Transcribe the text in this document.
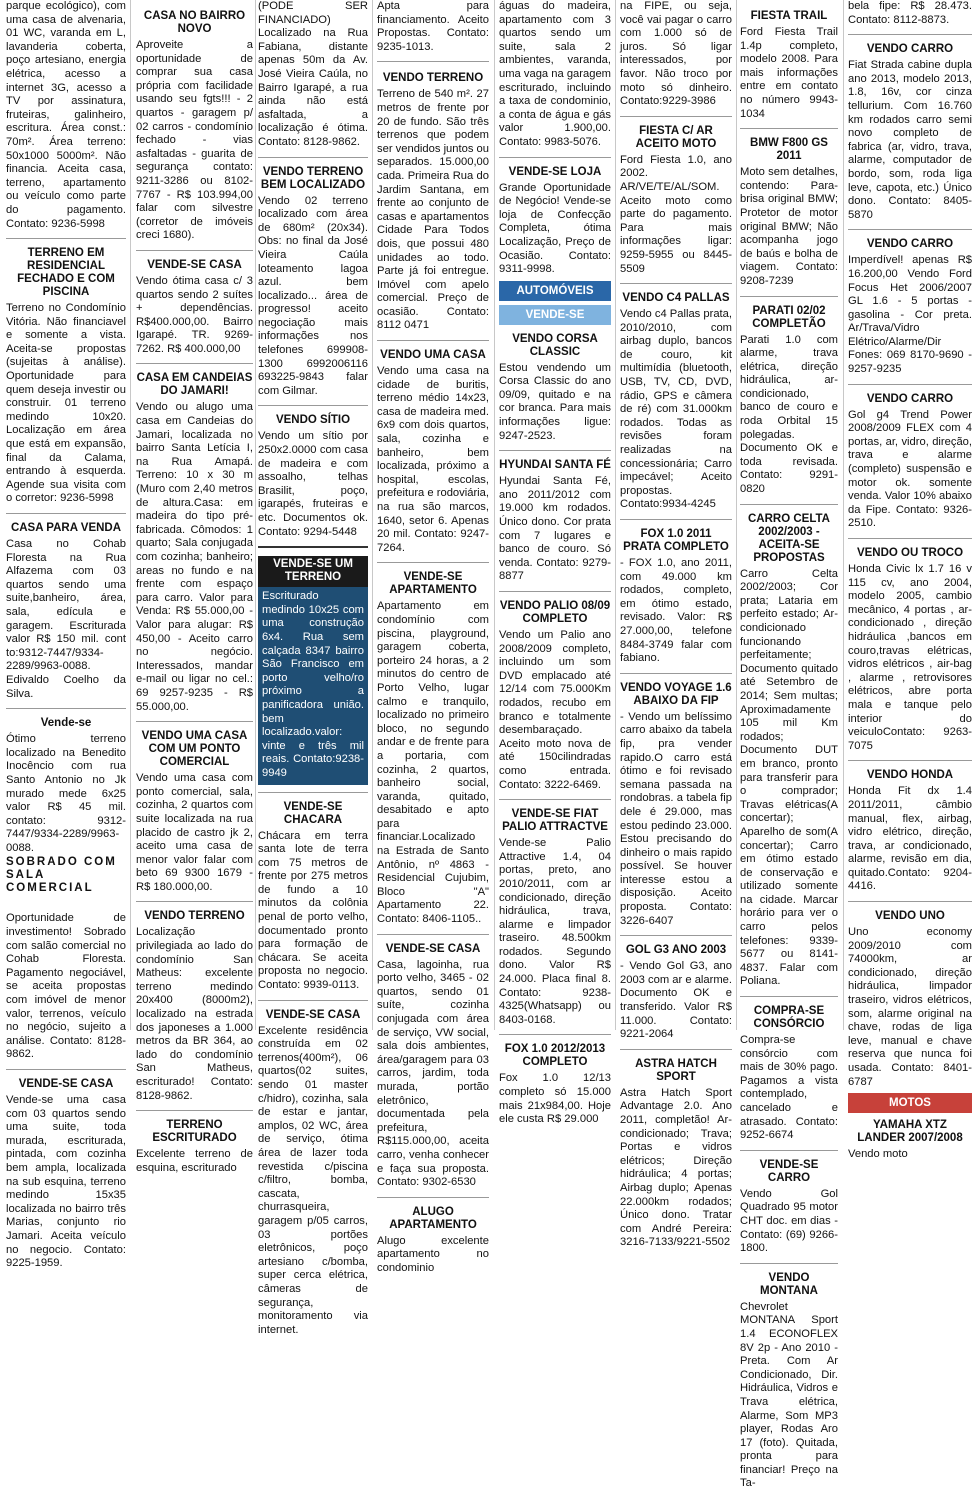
parque ecológico), com uma casa de alvenaria, 01 WC, varanda em L, lavanderia coberta, poço artesiano, energia elétrica, acesso a internet 3G, acesso a TV por assinatura, fruteiras, galinheiro, escritura. Área const.: 70m². Área terreno: 50x1000 5000m². Não financia. Aceita casa, terreno, apartamento ou veículo como parte do pagamento. Contato: 9236-5998

TERRENO EM RESIDENCIAL FECHADO E COM PISCINA

Terreno no Condomínio Vitória. Não financiavel e somente a vista. Aceita-se propostas (sujeitas à análise). Oportunidade para quem deseja investir ou construir. 01 terreno medindo 10x20. Localização em área que está em expansão, final da Calama, entrando à esquerda. Agende sua visita com o corretor: 9236-5998

CASA PARA VENDA

Casa no Cohab Floresta na Rua Alfazema com 03 quartos sendo uma suite,banheiro, área, sala, edícula e garagem. Escriturada valor R$ 150 mil. cont to:9312-7447/9334-2289/9963-0088. Edivaldo Coelho da Silva.

Vende-se

Ótimo terreno localizado na Benedito Inocêncio com rua Santo Antonio no Jk murado mede 6x25 valor R$ 45 mil. contato: 9312-7447/9334-2289/9963-0088.

SOBRADO COM SALA COMERCIAL

Oportunidade de investimento! Sobrado com salão comercial no Cohab Floresta. Pagamento negociável, se aceita propostas com imóvel de menor valor, terrenos, veículo no negócio, sujeito a análise. Contato: 8128-9862.

VENDE-SE CASA

Vende-se uma casa com 03 quartos sendo uma suite, toda murada, escriturada, pintada, com cozinha bem ampla, localizada na sub esquina, terreno medindo 15x35 localizada no bairro três Marias, conjunto rio Jamari. Aceita veículo no negocio. Contato: 9225-1959.

CASA NO BAIRRO NOVO

Aproveite a oportunidade de comprar sua casa própria com facilidade usando seu fgts!!! - 2 quartos - garagem p/ 02 carros - condomínio fechado - vias asfaltadas - guarita de segurança contato: 9211-3286 ou 8102-7767 - R$ 103.994,00 falar com silvestre (corretor de imóveis creci 1680).

VENDE-SE CASA

Vendo ótima casa c/ 3 quartos sendo 2 suítes + dependências. R$400.000,00. Bairro Igarapé. TR. 9269-7262. R$ 400.000,00

CASA EM CANDEIAS DO JAMARI!

Vendo ou alugo uma casa em Candeias do Jamari, localizada no bairro Santa Letícia I, na Rua Amapá. Terreno: 10 x 30 m (Muro com 2,40 metros de altura.Casa: em madeira do tipo pré-fabricada. Cômodos: 1 quarto; Sala conjugada com cozinha; banheiro; areas no fundo e na frente com espaço para carro. Valor para Venda: R$ 55.000,00 - Valor para alugar: R$ 450,00 - Aceito carro no negócio. Interessados, mandar e-mail ou ligar no cel.: 69 9257-9235 - R$ 55.000,00.

VENDO UMA CASA COM UM PONTO COMERCIAL

Vendo uma casa com ponto comercial, sala, cozinha, 2 quartos com suite localizada na rua placido de castro jk 2, aceito uma casa de menor valor falar com beto 69 9300 1679 - R$ 180.000,00.

VENDO TERRENO

Localização privilegiada ao lado do condomínio San Matheus: excelente terreno medindo 20x400 (8000m2), localizado na estrada dos japoneses a 1.000 metros da BR 364, ao lado do condomínio San Matheus, escriturado! Contato: 8128-9862.

TERRENO ESCRITURADO

Excelente terreno de esquina, escriturado

(PODE SER FINANCIADO) Localizado na Rua Fabiana, distante apenas 50m da Av. José Vieira Caúla, no Bairro Igarapé, a rua ainda não está asfaltada, a localização é ótima. Contato: 8128-9862.

VENDO TERRENO BEM LOCALIZADO

Vendo 02 terreno localizado com área de 680m² (20x34). Obs: no final da José Vieira Caúla loteamento lagoa azul. bem localizado... área de progresso! aceito negociação mais informações nos telefones 699908-1300 6992006116 693225-9843 falar com Gilmar.

VENDO SÍTIO

Vendo um sítio por 250x2.0000 com casa de madeira e com assoalho, telhas Brasilit, poço, igarapés, fruteiras e etc. Documentos ok. Contato: 9294-5448

VENDE-SE UM TERRENO

Escriturado medindo 10x25 com uma construção 6x4. Rua sem calçada 8347 bairro São Francisco em porto velho/ro próximo a panificadora união. bem localizado.valor: vinte e três mil reais. Contato:9238-9949

VENDE-SE CHACARA

Chácara em terra santa lote de terra com 75 metros de frente por 275 metros de fundo a 10 minutos da colônia penal de porto velho, documentado pronto para formação de chácara. Se aceita proposta no negocio. Contato: 9939-0113.

VENDE-SE CASA

Excelente residência construída em 02 terrenos(400m²), 06 quartos(02 suites, sendo 01 master c/hidro), cozinha, sala de estar e jantar, amplos, 02 WC, área de serviço, ótima área de lazer toda revestida c/piscina c/filtro, bomba, cascata, churrasqueira, garagem p/05 carros, 03 portões eletrônicos, poço artesiano c/bomba, super cerca elétrica, câmeras de segurança, monitoramento via internet.

Apta para financiamento. Aceito Propostas. Contato: 9235-1013.

VENDO TERRENO

Terreno de 540 m². 27 metros de frente por 20 de fundo. São três terrenos que podem ser vendidos juntos ou separados. 15.000,00 cada. Primeira Rua do Jardim Santana, em frente ao conjunto de casas e apartamentos Cidade Para Todos dois, que possui 480 unidades ao todo. Parte já foi entregue. Imóvel com apelo comercial. Preço de ocasião. Contato: 8112 0471

VENDO UMA CASA

Vendo uma casa na cidade de buritis, terreno médio 14x23, casa de madeira med. 6x9 com dois quartos, sala, cozinha e banheiro, bem localizada, próximo a hospital, escolas, prefeitura e rodoviária, na rua são marcos, 1640, setor 6. Apenas 20 mil. Contato: 9247-7264.

VENDE-SE APARTAMENTO

Apartamento em condomínio com piscina, playground, garagem coberta, porteiro 24 horas, a 2 minutos do centro de Porto Velho, lugar calmo e tranquilo, localizado no primeiro bloco, no segundo andar e de frente para a portaria, com cozinha, 2 quartos, banheiro social, varanda, quitado, desabitado e apto para financiar.Localizado na Estrada de Santo Antônio, nº 4863 - Residencial Cujubim, Bloco "A" Apartamento 22. Contato: 8406-1105..

VENDE-SE CASA

Casa, lagoinha, rua porto velho, 3465 - 02 quartos, sendo 01 suíte, cozinha conjugada com área de serviço, VW social, sala dois ambientes, área/garagem para 03 carros, jardim, toda murada, portão eletrônico, documentada pela prefeitura, R$115.000,00, aceita carro, venha conhecer e faça sua proposta. Contato: 9302-6530

ALUGO APARTAMENTO

Alugo excelente apartamento no condominio

águas do madeira, apartamento com 3 quartos sendo um suite, sala 2 ambientes, varanda, uma vaga na garagem escriturado, incluindo a taxa de condominio, a conta de água e gás valor 1.900,00. Contato: 9983-5076.

VENDE-SE LOJA

Grande Oportunidade de Negócio! Vende-se loja de Confecção Completa, ótima Localização, Preço de Ocasião. Contato: 9311-9998.

AUTOMÓVEIS
VENDE-SE
VENDO CORSA CLASSIC

Estou vendendo um Corsa Classic do ano 09/09, quitado e na cor branca. Para mais informações ligue: 9247-2523.

HYUNDAI SANTA FÉ

Hyundai Santa Fé, ano 2011/2012 com 19.000 km rodados. Único dono. Cor prata com 7 lugares e banco de couro. Só venda. Contato: 9279-8877

VENDO PALIO 08/09 COMPLETO

Vendo um Palio ano 2008/2009 completo, incluindo um som DVD emplacado até 12/14 com 75.000Km rodados, recubo em branco e totalmente desembaraçado. Aceito moto nova de até 150cilindradas como entrada. Contato: 3222-6469.

VENDE-SE FIAT PALIO ATTRACTVE

Vende-se Palio Attractive 1.4, 04 portas, preto, ano 2010/2011, com ar condicionado, direção hidráulica, trava, alarme e limpador traseiro. 48.500km rodados. Segundo dono. Valor R$ 24.000. Placa final 8. Contato: 9238-4325(Whatsapp) ou 8403-0168.

FOX 1.0 2012/2013 COMPLETO

Fox 1.0 12/13 completo só 15.000 mais 21x984,00. Hoje ele custa R$ 29.000

na FIPE, ou seja, você vai pagar o carro com 1.000 só de juros. Só ligar interessados, por favor. Não troco por moto só dinheiro. Contato:9229-3986

FIESTA C/ AR ACEITO MOTO

Ford Fiesta 1.0, ano 2002. AR/VE/TE/AL/SOM. Aceito moto como parte do pagamento. Para mais informações ligar: 9259-5955 ou 8445-5509

VENDO C4 PALLAS

Vendo c4 Pallas prata, 2010/2010, com airbag duplo, bancos de couro, kit multimídia (bluetooth, USB, TV, CD, DVD, rádio, GPS e câmera de ré) com 31.000km rodados. Todas as revisões foram realizadas na concessionária; Carro impecável; Aceito propostas. Contato:9934-4245

FOX 1.0 2011 PRATA COMPLETO

- FOX 1.0, ano 2011, com 49.000 km rodados, completo, em ótimo estado, revisado. Valor: R$ 27.000,00, telefone 8484-3749 falar com fabiano.

VENDO VOYAGE 1.6 ABAIXO DA FIP

- Vendo um belíssimo carro abaixo da tabela fip, pra vender rapido.O carro está ótimo e foi revisado semana passada na rondobras. a tabela fip dele é 29.000, mas estou pedindo 23.000. Estou precisando do dinheiro o mais rapido possível. Se houver interesse estou a disposição. Aceito proposta. Contato: 3226-6407

GOL G3 ANO 2003

- Vendo Gol G3, ano 2003 com ar e alarme. Documento OK e transferido. Valor R$ 11.000. Contato: 9221-2064

ASTRA HATCH SPORT

Astra Hatch Sport Advantage 2.0. Ano 2011, completão! Ar-condicionado; Trava; Portas e vidros elétricos; Direção hidráulica; 4 portas; Airbag duplo; Apenas 22.000km rodados; Único dono. Tratar com André Pereira: 3216-7133/9221-5502

FIESTA TRAIL

Ford Fiesta Trail 1.4p completo, modelo 2008. Para mais informações entre em contato no número 9943-1034

BMW F800 GS 2011

Moto sem detalhes, contendo: Para-brisa original BMW; Protetor de motor original BMW; Não acompanha jogo de baús e bolha de viagem. Contato: 9208-7239

PARATI 02/02 COMPLETÃO

Parati 1.0 com alarme, trava elétrica, direção hidráulica, ar-condicionado, banco de couro e roda Orbital 15 polegadas. Documento OK e toda revisada. Contato: 9291-0820

CARRO CELTA 2002/2003 - ACEITA-SE PROPOSTAS

Carro Celta 2002/2003; Cor prata; Lataria em perfeito estado; Ar-condicionado funcionando perfeitamente; Documento quitado até Setembro de 2014; Sem multas; Aproximadamente 105 mil Km rodados; Documento DUT em branco, pronto para transferir para o comprador; Travas elétricas(A concertar); Aparelho de som(A concertar); Carro em ótimo estado de conservação e utilizado somente na cidade. Marcar horário para ver o carro pelos telefones: 9339-5677 ou 8141-4837. Falar com Poliana.

COMPRA-SE CONSÓRCIO

Compra-se consórcio com mais de 30% pago. Pagamos a vista contemplado, cancelado e atrasado. Contato: 9252-6674

VENDE-SE CARRO

Vendo Gol Quadrado 95 motor CHT doc. em dias - Contato: (69) 9266-1800.

VENDO MONTANA

Chevrolet MONTANA Sport 1.4 ECONOFLEX 8V 2p - Ano 2010 - Preta. Com Ar Condicionado, Dir. Hidráulica, Vidros e Trava elétrica, Alarme, Som MP3 player, Rodas Aro 17 (foto). Quitada, pronta para financiar! Preço na Ta-

bela fipe: R$ 28.473. Contato: 8112-8873.

VENDO CARRO

Fiat Strada cabine dupla ano 2013, modelo 2013, 1.8, 16v, cor cinza tellurium. Com 16.760 km rodados carro semi novo completo de fabrica (ar, vidro, trava, alarme, computador de bordo, som, roda liga leve, capota, etc.) Único dono. Contato: 8405-5870

VENDO CARRO

Imperdível! apenas R$ 16.200,00 Vendo Ford Focus Het 2006/2007 GL 1.6 - 5 portas - gasolina - Cor preta. Ar/Trava/Vidro Elétrico/Alarme/Dir Fones: 069 8170-9690 - 9257-9235

VENDO CARRO

Gol g4 Trend Power 2008/2009 FLEX com 4 portas, ar, vidro, direção, trava e alarme (completo) suspensão e motor ok. somente venda. Valor 10% abaixo da Fipe. Contato: 9326-2510.

VENDO OU TROCO

Honda Civic lx 1.7 16 v 115 cv, ano 2004, modelo 2005, cambio mecânico, 4 portas , ar-condicionado , direção hidráulica ,bancos em couro,travas elétricas, vidros elétricos , air-bag , alarme , retrovisores elétricos, abre porta mala e tanque pelo interior do veiculoContato: 9263-7075

VENDO HONDA

Honda Fit dx 1.4 2011/2011, câmbio manual, flex, airbag, vidro elétrico, direção, trava, ar condicionado, alarme, revisão em dia, quitado.Contato: 9204-4416.

VENDO UNO

Uno economy 2009/2010 com 74000km, ar condicionado, direção hidráulica, limpador traseiro, vidros elétricos, som, alarme original na chave, rodas de liga leve, manual e chave reserva que nunca foi usada. Contato: 8401-6787

MOTOS
YAMAHA XTZ LANDER 2007/2008

Vendo moto
